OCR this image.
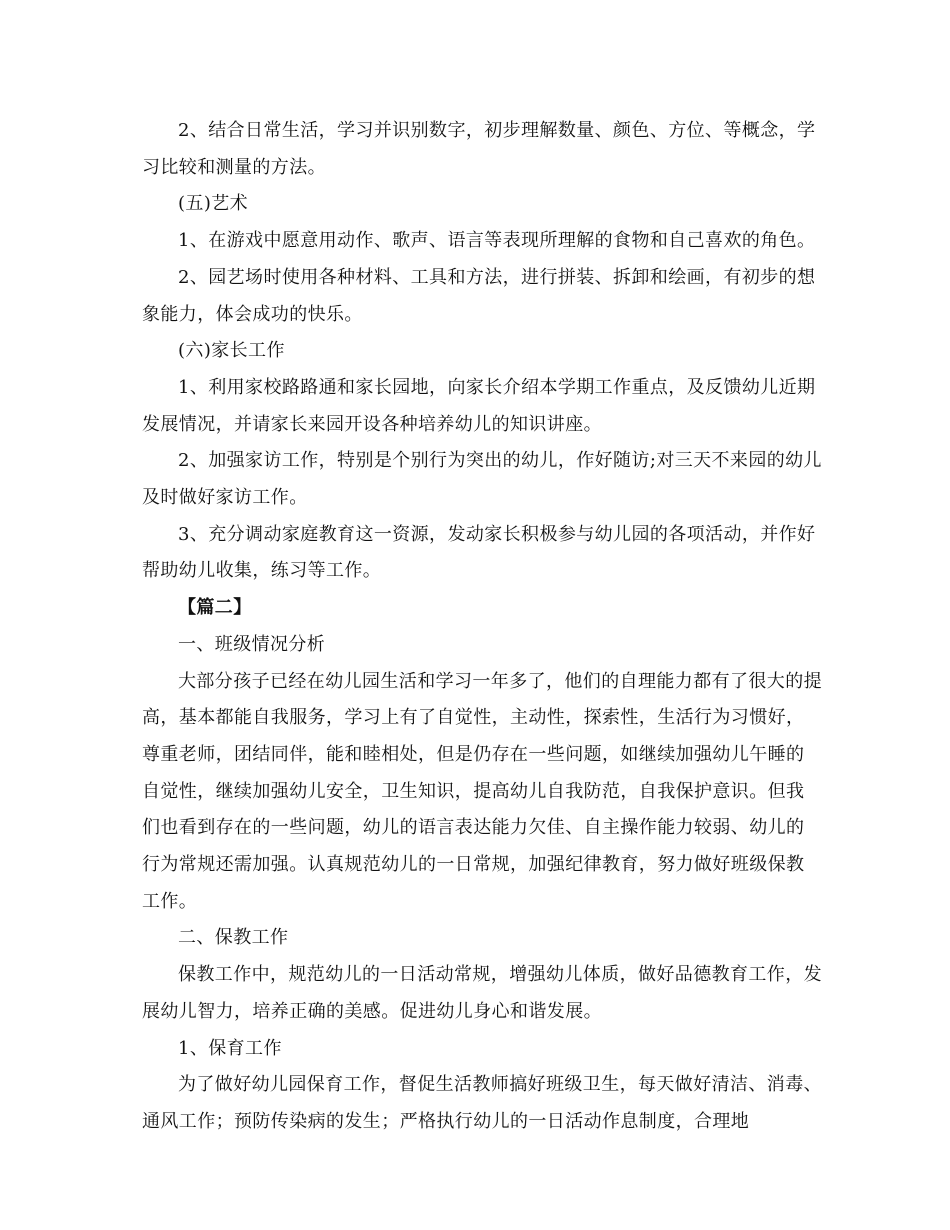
2、结合日常生活，学习并识别数字，初步理解数量、颜色、方位、等概念，学习比较和测量的方法。

(五)艺术

1、在游戏中愿意用动作、歌声、语言等表现所理解的食物和自己喜欢的角色。

2、园艺场时使用各种材料、工具和方法，进行拼装、拆卸和绘画，有初步的想象能力，体会成功的快乐。

(六)家长工作

1、利用家校路路通和家长园地，向家长介绍本学期工作重点，及反馈幼儿近期发展情况，并请家长来园开设各种培养幼儿的知识讲座。

2、加强家访工作，特别是个别行为突出的幼儿，作好随访;对三天不来园的幼儿及时做好家访工作。

3、充分调动家庭教育这一资源，发动家长积极参与幼儿园的各项活动，并作好帮助幼儿收集，练习等工作。

【篇二】

一、班级情况分析

大部分孩子已经在幼儿园生活和学习一年多了，他们的自理能力都有了很大的提高，基本都能自我服务，学习上有了自觉性，主动性，探索性，生活行为习惯好，尊重老师，团结同伴，能和睦相处，但是仍存在一些问题，如继续加强幼儿午睡的自觉性，继续加强幼儿安全，卫生知识，提高幼儿自我防范，自我保护意识。但我们也看到存在的一些问题，幼儿的语言表达能力欠佳、自主操作能力较弱、幼儿的行为常规还需加强。认真规范幼儿的一日常规，加强纪律教育，努力做好班级保教工作。

二、保教工作

保教工作中，规范幼儿的一日活动常规，增强幼儿体质，做好品德教育工作，发展幼儿智力，培养正确的美感。促进幼儿身心和谐发展。

1、保育工作

为了做好幼儿园保育工作，督促生活教师搞好班级卫生，每天做好清洁、消毒、通风工作；预防传染病的发生；严格执行幼儿的一日活动作息制度，合理地
